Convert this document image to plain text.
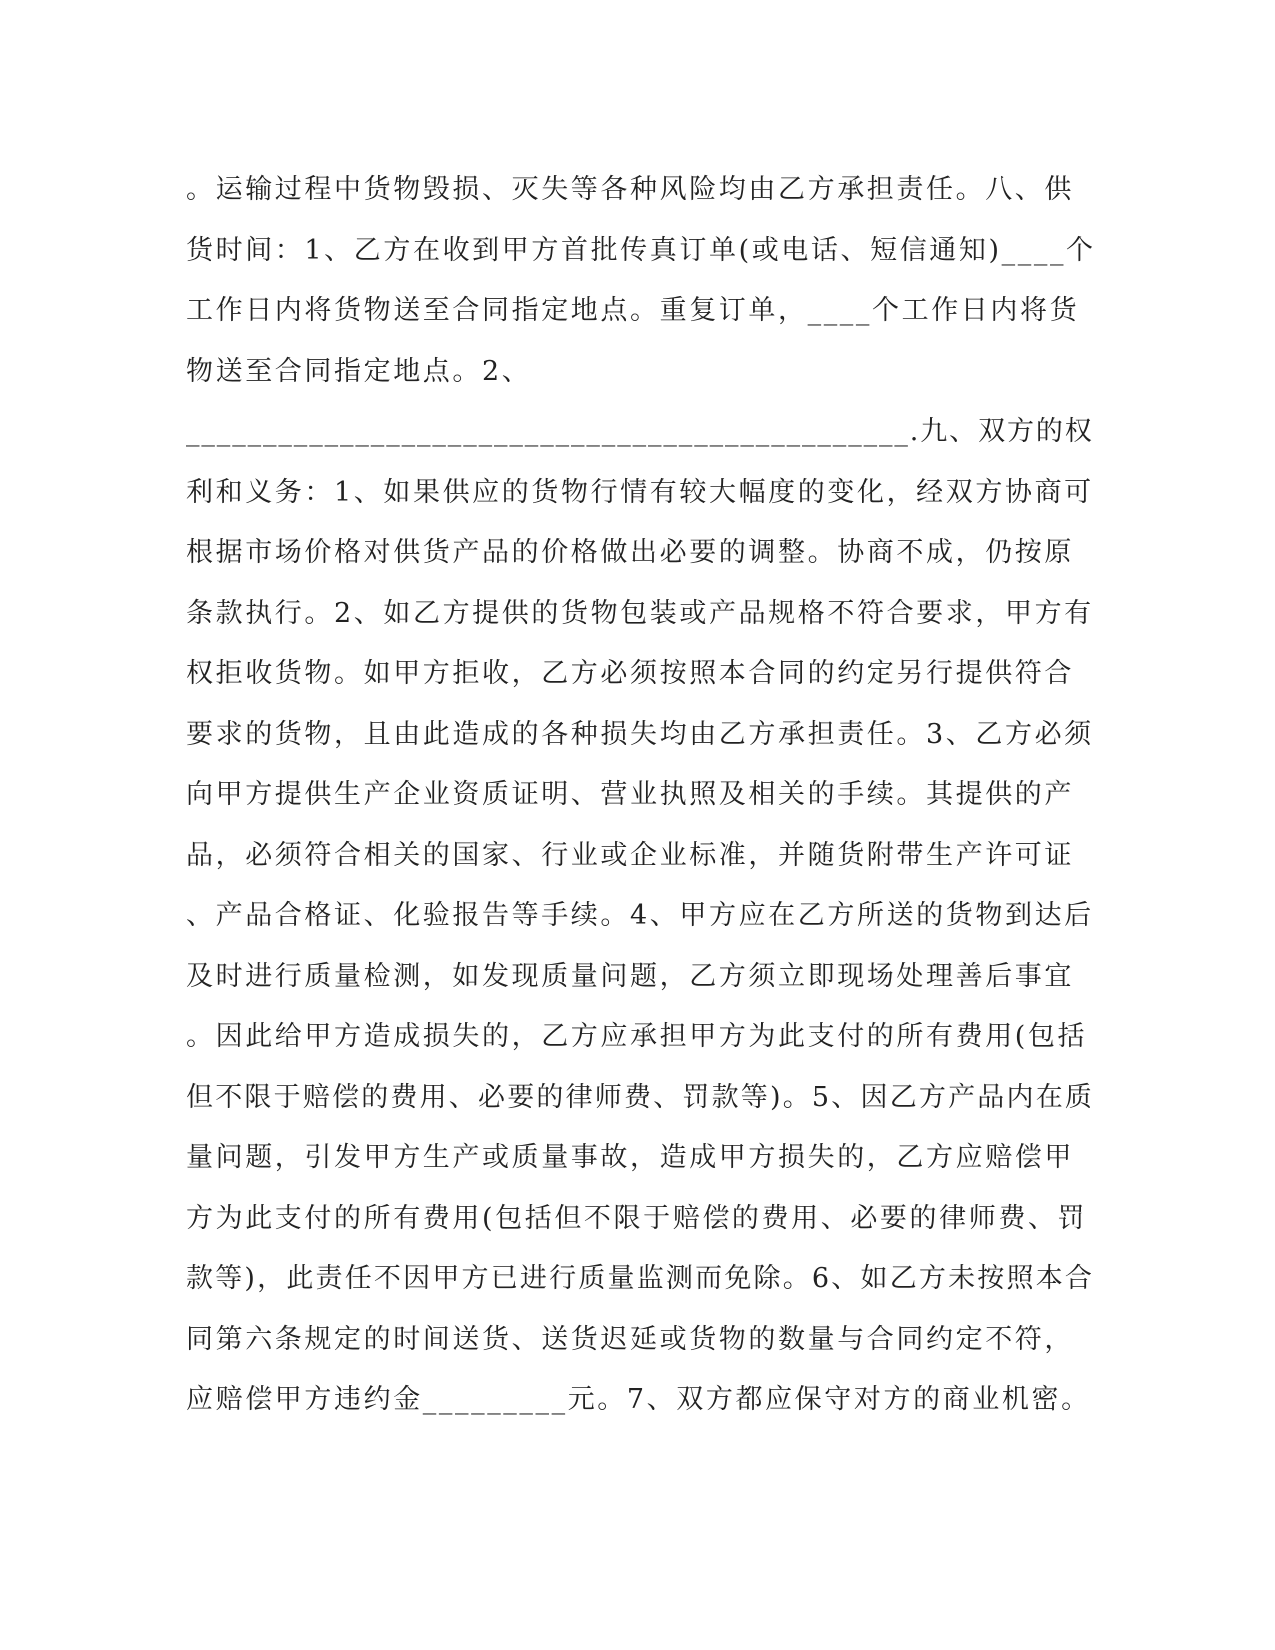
。运输过程中货物毁损、灭失等各种风险均由乙方承担责任。八、供
货时间：1、乙方在收到甲方首批传真订单(或电话、短信通知)____个
工作日内将货物送至合同指定地点。重复订单，____个工作日内将货
物送至合同指定地点。2、
_______________________________________________.九、双方的权
利和义务：1、如果供应的货物行情有较大幅度的变化，经双方协商可
根据市场价格对供货产品的价格做出必要的调整。协商不成，仍按原
条款执行。2、如乙方提供的货物包装或产品规格不符合要求，甲方有
权拒收货物。如甲方拒收，乙方必须按照本合同的约定另行提供符合
要求的货物，且由此造成的各种损失均由乙方承担责任。3、乙方必须
向甲方提供生产企业资质证明、营业执照及相关的手续。其提供的产
品，必须符合相关的国家、行业或企业标准，并随货附带生产许可证
、产品合格证、化验报告等手续。4、甲方应在乙方所送的货物到达后
及时进行质量检测，如发现质量问题，乙方须立即现场处理善后事宜
。因此给甲方造成损失的，乙方应承担甲方为此支付的所有费用(包括
但不限于赔偿的费用、必要的律师费、罚款等)。5、因乙方产品内在质
量问题，引发甲方生产或质量事故，造成甲方损失的，乙方应赔偿甲
方为此支付的所有费用(包括但不限于赔偿的费用、必要的律师费、罚
款等)，此责任不因甲方已进行质量监测而免除。6、如乙方未按照本合
同第六条规定的时间送货、送货迟延或货物的数量与合同约定不符，
应赔偿甲方违约金_________元。7、双方都应保守对方的商业机密。
